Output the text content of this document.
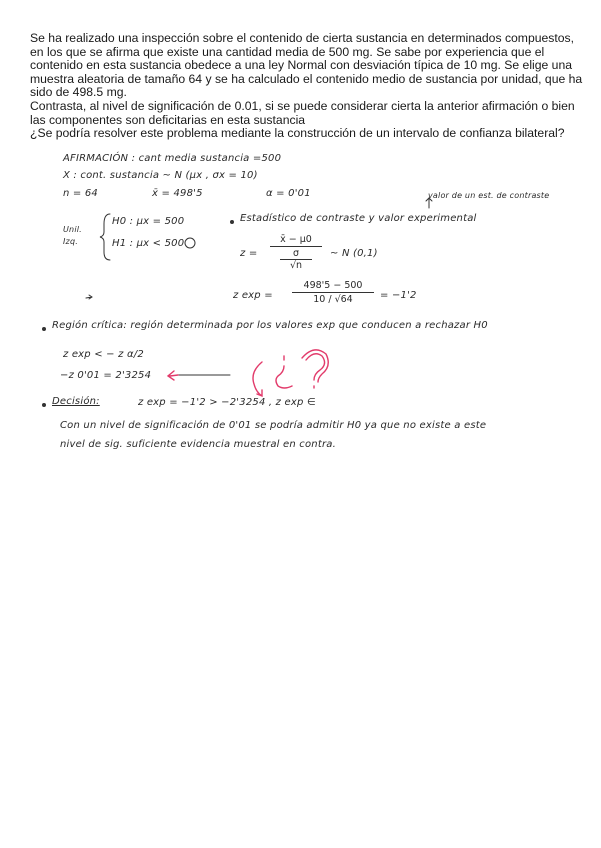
Se ha realizado una inspección sobre el contenido de cierta sustancia en determinados compuestos, en los que se afirma que existe una cantidad media de 500 mg. Se sabe por experiencia que el contenido en esta sustancia obedece a una ley Normal con desviación típica de 10 mg. Se elige una muestra aleatoria de tamaño 64 y se ha calculado el contenido medio de sustancia por unidad, que ha sido de 498.5 mg.

Contrasta, al nivel de significación de 0.01, si se puede considerar cierta la anterior afirmación o bien las componentes son deficitarias en esta sustancia

¿Se podría resolver este problema mediante la construcción de un intervalo de confianza bilateral?

AFIRMACIÓN : cant media sustancia =500
X : cont. sustancia ~ N (μx , σx = 10)
n = 64	x̄ = 498'5	α = 0'01	valor de un est. de contraste
Unil.
Izq.
H0 : μx = 500
H1 : μx < 500
Estadístico de contraste y valor experimental
z =
x̄ − μ0
σ
√n
~ N (0,1)
z exp =
498'5 − 500
10 / √64	= −1'2
Región crítica: región determinada por los valores exp que conducen a rechazar H0
z exp < − z α/2
−z 0'01 = 2'3254
Decisión:	z exp = −1'2 > −2'3254 , z exp ∈
Con un nivel de significación de 0'01 se podría admitir H0 ya que no existe a este
nivel de sig. suficiente evidencia muestral en contra.
